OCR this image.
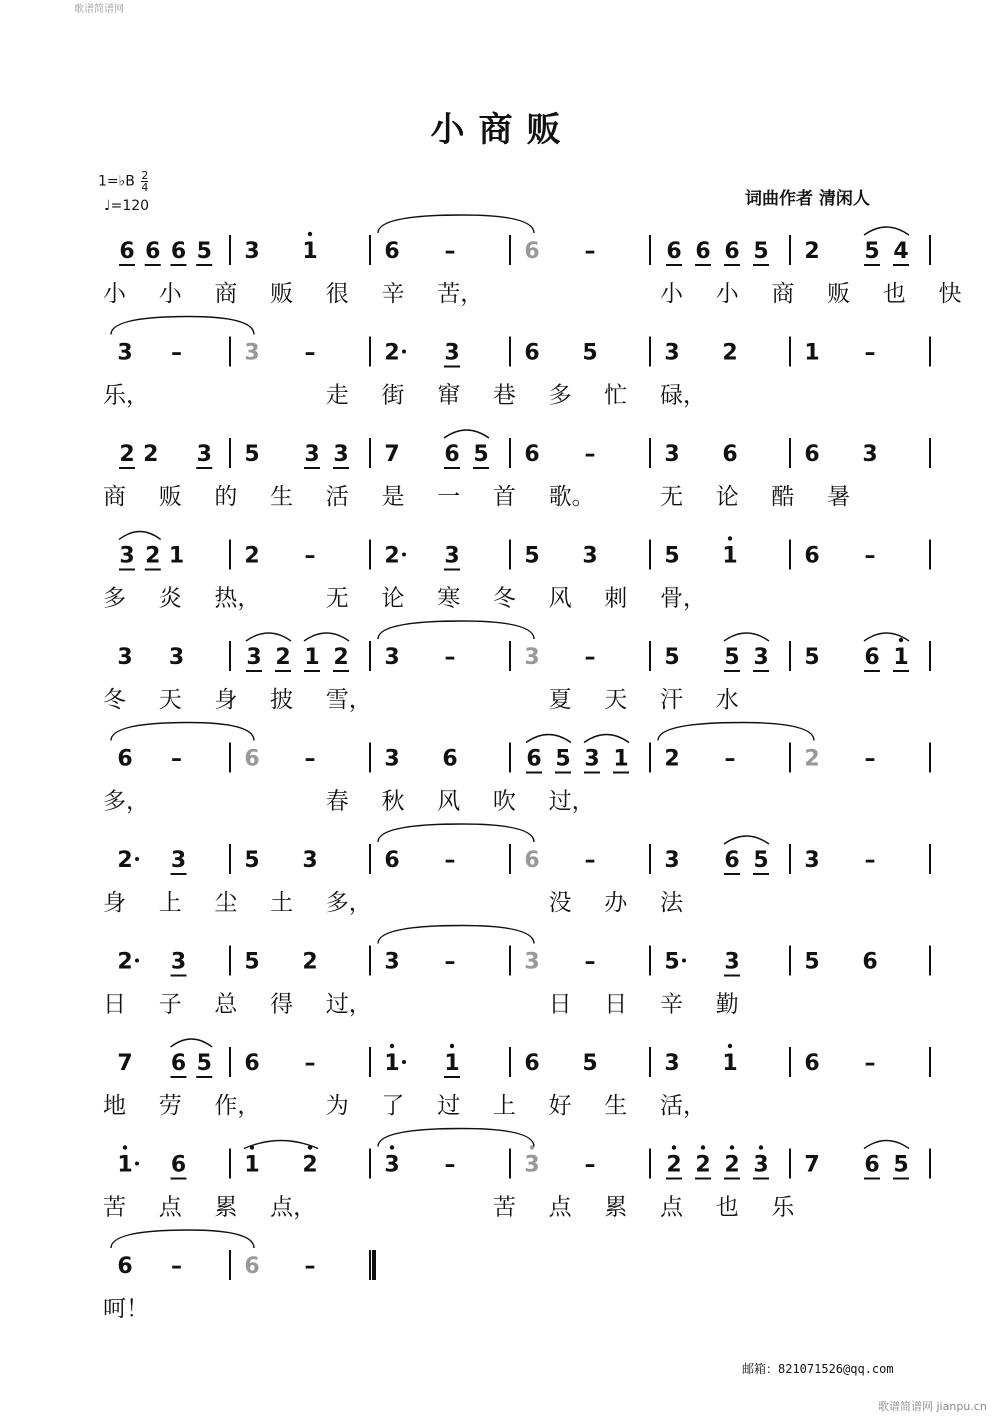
歌谱简谱网
小商贩
1=♭B $\frac{2}{4}$
♩=120	词曲作者 清闲人
6 6 6 5 3 1	6 –	6 –	6 6 6 5 2 5 4
小 小 商 贩 很 辛 苦，	小 小 商 贩 也 快
3 –	3 –	2 3	6 5	3 2	1 –
乐，	走 街 窜 巷 多 忙 碌，
2 2 3 5 3 3 7 6 5 6 –	3 6	6 3
商 贩 的 生 活 是 一 首 歌。	无 论 酷 暑
3 2 1	2 –	2 3	5 3	5 1	6 –
多 炎 热，	无 论 寒 冬 风 刺 骨，
3 3	3 2 1 2 3 –	3 –	5 5 3 5 6 1
冬 天 身 披 雪，	夏 天 汗 水
6 –	6 –	3 6	6 5 3 1 2 –	2 –
多，	春 秋 风 吹 过，
2 3	5 3	6 –	6 –	3 6 5 3 –
身 上 尘 土 多，	没 办 法
2 3	5 2	3 –	3 –	5 3	5 6
日 子 总 得 过，	日 日 辛 勤
7 6 5 6 –	1 1	6 5	3 1	6 –
地 劳 作，	为 了 过 上 好 生 活，
1 6	1 2	3 –	3 –	2 2 2 3 7 6 5
苦 点 累 点，	苦 点 累 点 也 乐
6 –	6 –
呵！
邮箱：821071526@qq.com
歌谱简谱网 jianpu.cn
